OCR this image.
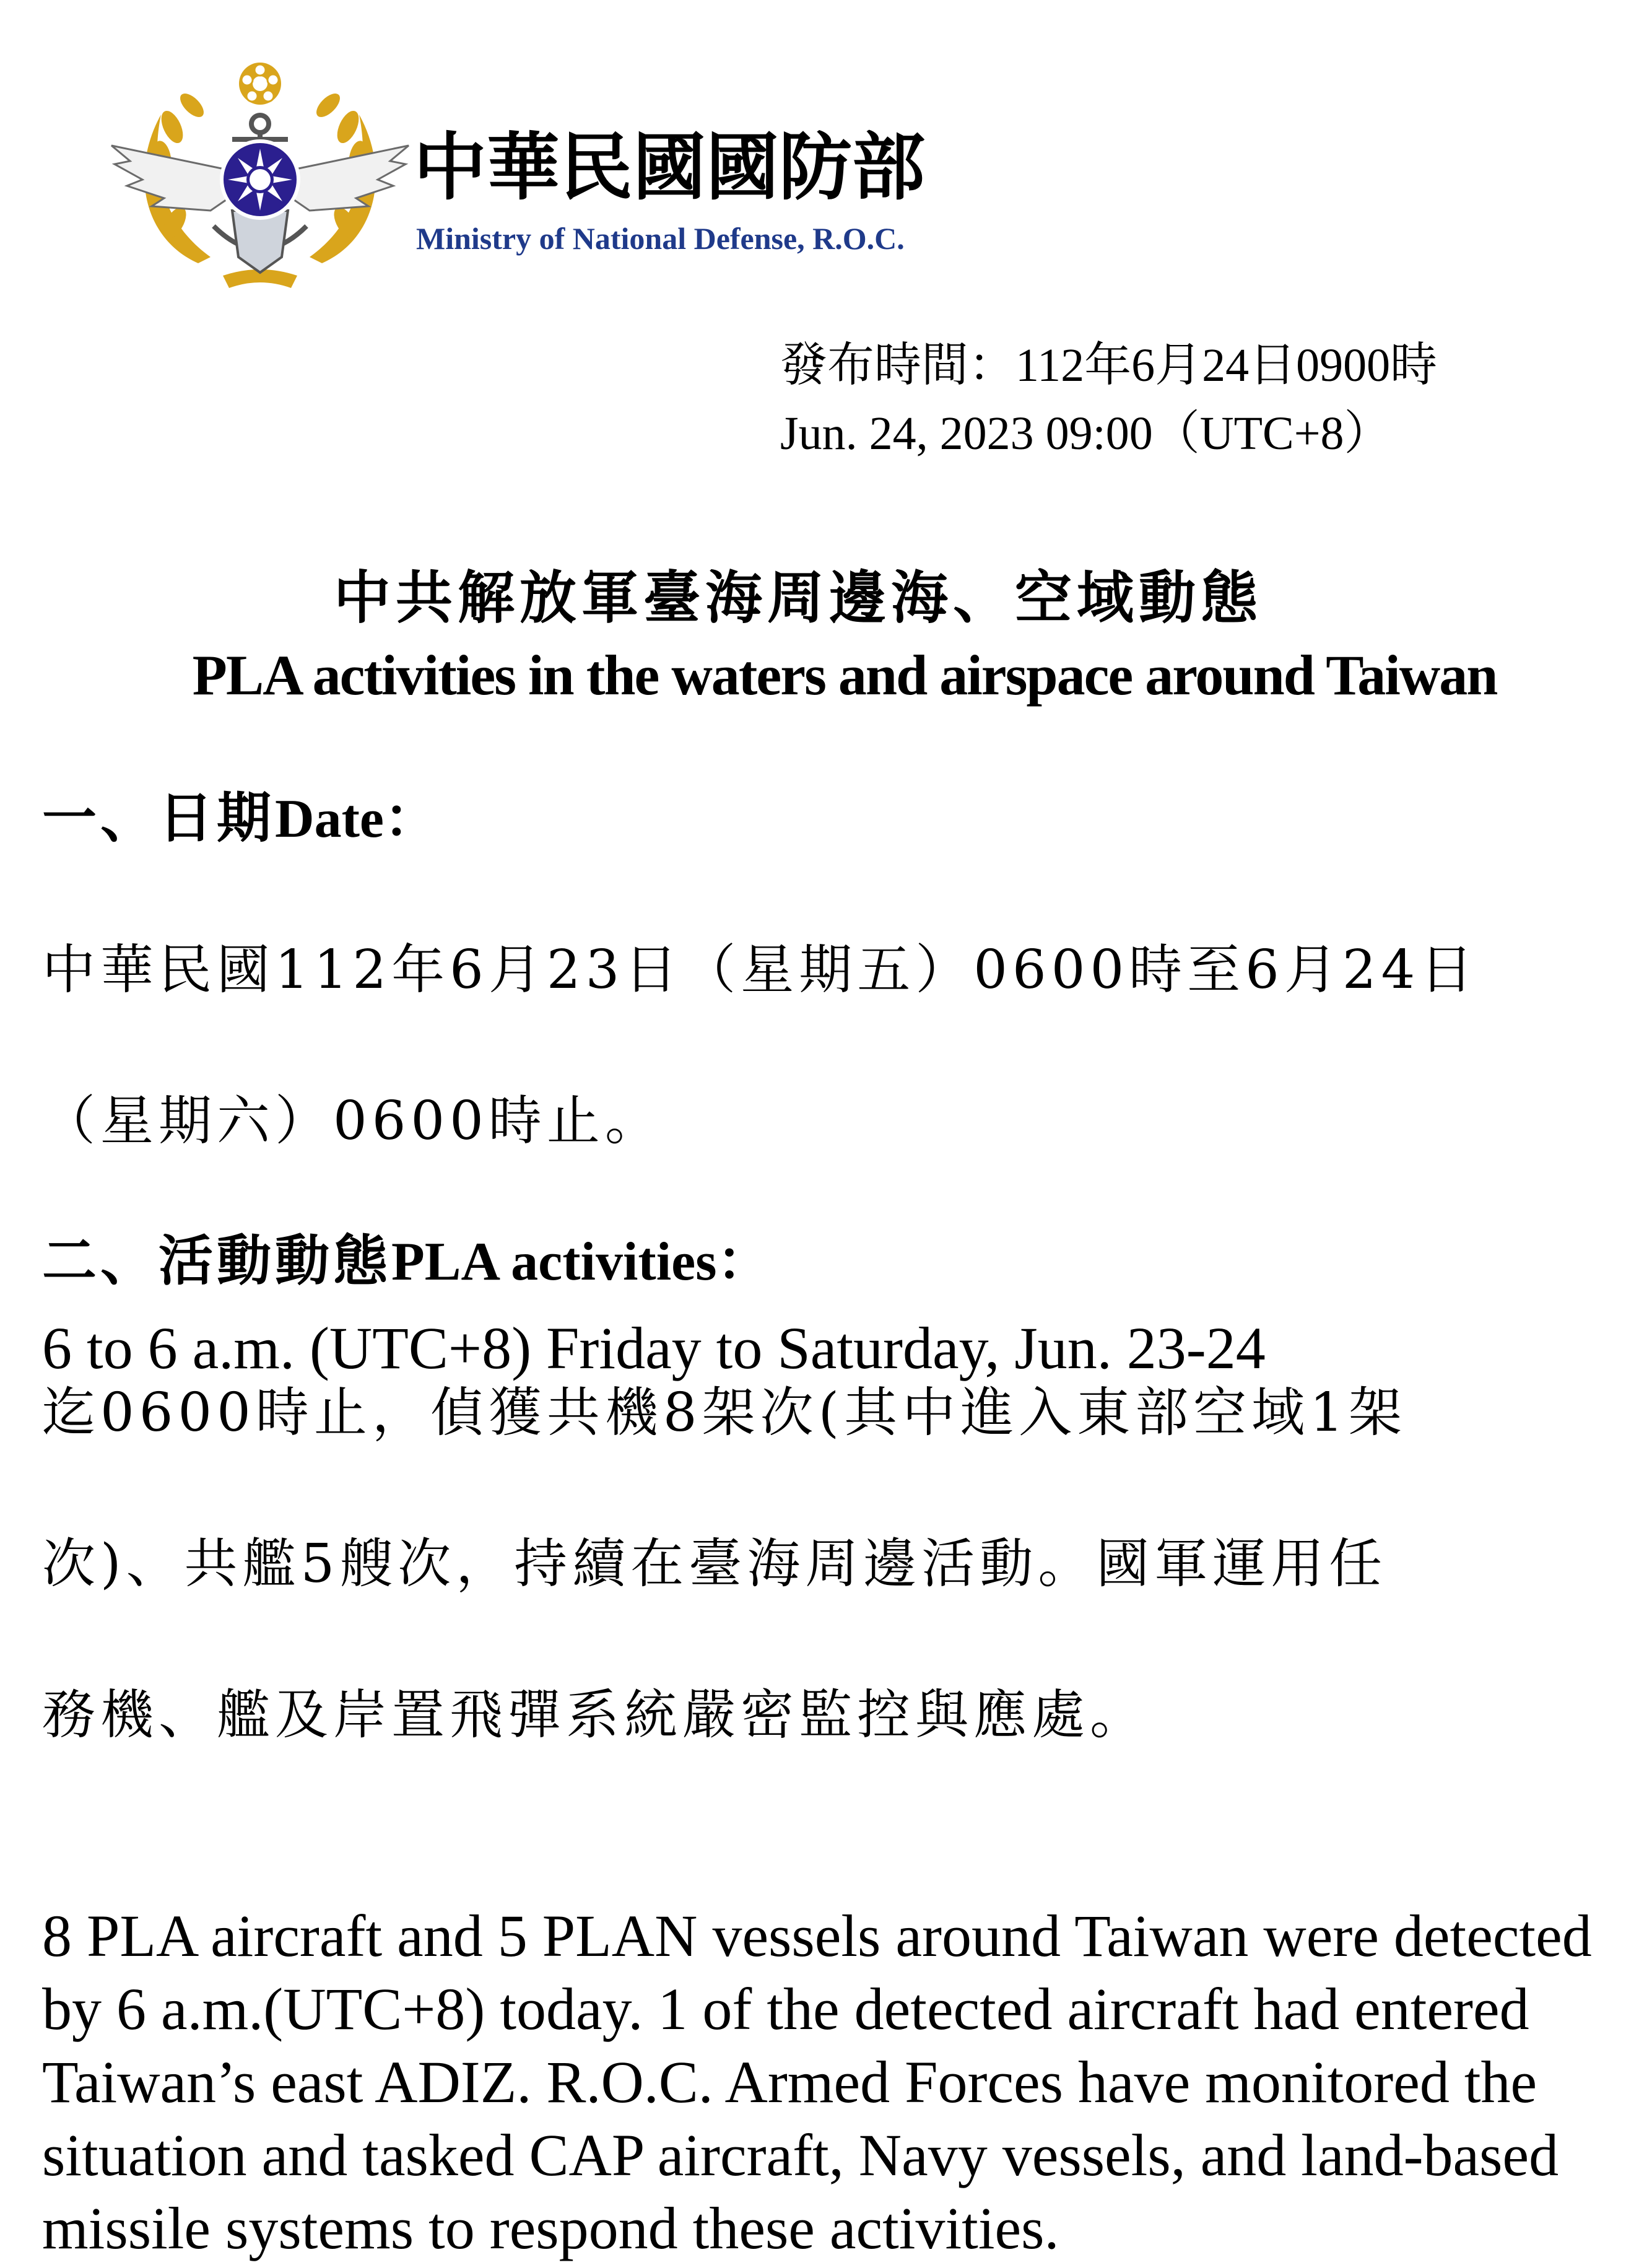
中華民國國防部
Ministry of National Defense, R.O.C.
發布時間：112年6月24日0900時
Jun. 24, 2023 09:00（UTC+8）
中共解放軍臺海周邊海、空域動態
PLA activities in the waters and airspace around Taiwan
一、日期Date：

中華民國112年6月23日（星期五）0600時至6月24日

（星期六）0600時止。

6 to 6 a.m. (UTC+8) Friday to Saturday, Jun. 23-24
二、活動動態PLA activities：

迄0600時止，偵獲共機8架次(其中進入東部空域1架

次)、共艦5艘次，持續在臺海周邊活動。國軍運用任

務機、艦及岸置飛彈系統嚴密監控與應處。

8 PLA aircraft and 5 PLAN vessels around Taiwan were detected by 6 a.m.(UTC+8) today. 1 of the detected aircraft had entered Taiwan’s east ADIZ. R.O.C. Armed Forces have monitored the situation and tasked CAP aircraft, Navy vessels, and land-based missile systems to respond these activities.
